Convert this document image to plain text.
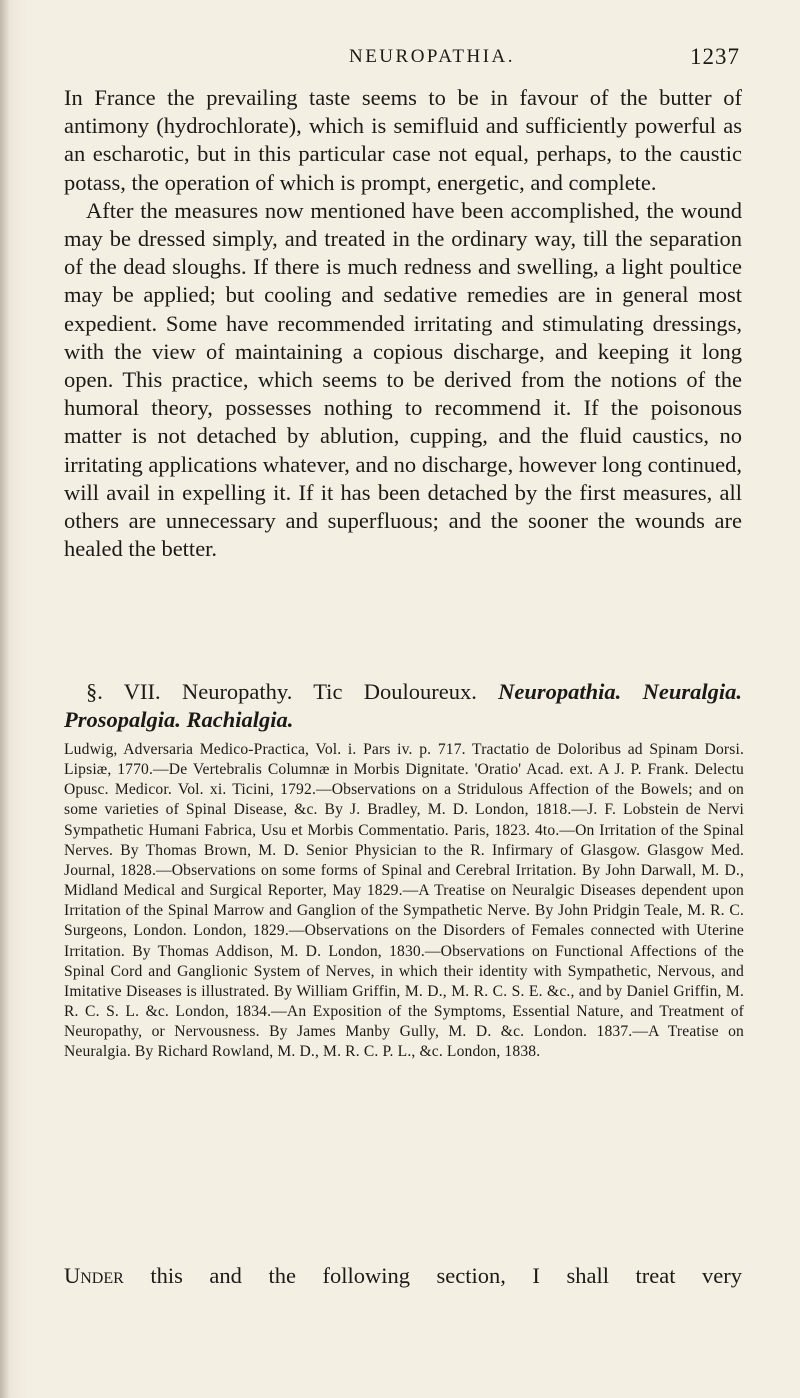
NEUROPATHIA.	1237

In France the prevailing taste seems to be in favour of the butter of antimony (hydrochlorate), which is semifluid and sufficiently powerful as an escharotic, but in this particular case not equal, perhaps, to the caustic potass, the operation of which is prompt, energetic, and complete.

After the measures now mentioned have been accomplished, the wound may be dressed simply, and treated in the ordinary way, till the separation of the dead sloughs. If there is much redness and swelling, a light poultice may be applied; but cooling and sedative remedies are in general most expedient. Some have recommended irritating and stimulating dressings, with the view of maintaining a copious discharge, and keeping it long open. This practice, which seems to be derived from the notions of the humoral theory, possesses nothing to recommend it. If the poisonous matter is not detached by ablution, cupping, and the fluid caustics, no irritating applications whatever, and no discharge, however long continued, will avail in expelling it. If it has been detached by the first measures, all others are unnecessary and superfluous; and the sooner the wounds are healed the better.

§. VII. Neuropathy. Tic Douloureux. Neuropathia. Neuralgia. Prosopalgia. Rachialgia.

Ludwig, Adversaria Medico-Practica, Vol. i. Pars iv. p. 717. Tractatio de Doloribus ad Spinam Dorsi. Lipsiæ, 1770.—De Vertebralis Columnæ in Morbis Dignitate. 'Oratio' Acad. ext. A J. P. Frank. Delectu Opusc. Medicor. Vol. xi. Ticini, 1792.—Observations on a Stridulous Affection of the Bowels; and on some varieties of Spinal Disease, &c. By J. Bradley, M. D. London, 1818.—J. F. Lobstein de Nervi Sympathetic Humani Fabrica, Usu et Morbis Commentatio. Paris, 1823. 4to.—On Irritation of the Spinal Nerves. By Thomas Brown, M. D. Senior Physician to the R. Infirmary of Glasgow. Glasgow Med. Journal, 1828.—Observations on some forms of Spinal and Cerebral Irritation. By John Darwall, M. D., Midland Medical and Surgical Reporter, May 1829.—A Treatise on Neuralgic Diseases dependent upon Irritation of the Spinal Marrow and Ganglion of the Sympathetic Nerve. By John Pridgin Teale, M. R. C. Surgeons, London. London, 1829.—Observations on the Disorders of Females connected with Uterine Irritation. By Thomas Addison, M. D. London, 1830.—Observations on Functional Affections of the Spinal Cord and Ganglionic System of Nerves, in which their identity with Sympathetic, Nervous, and Imitative Diseases is illustrated. By William Griffin, M. D., M. R. C. S. E. &c., and by Daniel Griffin, M. R. C. S. L. &c. London, 1834.—An Exposition of the Symptoms, Essential Nature, and Treatment of Neuropathy, or Nervousness. By James Manby Gully, M. D. &c. London. 1837.—A Treatise on Neuralgia. By Richard Rowland, M. D., M. R. C. P. L., &c. London, 1838.

Under this and the following section, I shall treat very
